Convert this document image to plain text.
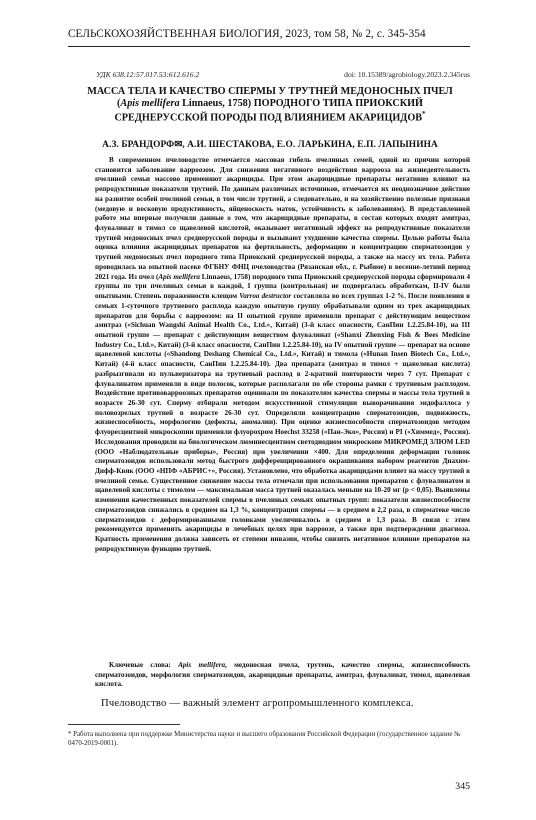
СЕЛЬСКОХОЗЯЙСТВЕННАЯ БИОЛОГИЯ, 2023, том 58, № 2, с. 345-354
УДК 638.12:57.017.53:612.616.2	doi: 10.15389/agrobiology.2023.2.345rus
МАССА ТЕЛА И КАЧЕСТВО СПЕРМЫ У ТРУТНЕЙ МЕДОНОСНЫХ ПЧЕЛ (Apis mellifera Linnaeus, 1758) ПОРОДНОГО ТИПА ПРИОКСКИЙ СРЕДНЕРУССКОЙ ПОРОДЫ ПОД ВЛИЯНИЕМ АКАРИЦИДОВ*
А.З. БРАНДОРФ✉, А.И. ШЕСТАКОВА, Е.О. ЛАРЬКИНА, Е.П. ЛАПЫНИНА
В современном пчеловодстве отмечается массовая гибель пчелиных семей, одной из причин которой становится заболевание варроозом. Для снижения негативного воздействия варрооза на жизнедеятельность пчелиной семьи массово применяют акарициды. При этом акарицидные препараты негативно влияют на репродуктивные показатели трутней. По данным различных источников, отмечается их неоднозначное действие на развитие особей пчелиной семьи, в том числе трутней, а следовательно, и на хозяйственно полезные признаки (медовую и восковую продуктивность, яйценоскость маток, устойчивость к заболеваниям). В представленной работе мы впервые получили данные о том, что акарицидные препараты, в состав которых входят амитраз, флувалинат и тимол со щавелевой кислотой, оказывают негативный эффект на репродуктивные показатели трутней медоносных пчел среднерусской породы и вызывают ухудшение качества спермы. Целью работы была оценка влияния акарицидных препаратов на фертильность, деформацию и концентрацию сперматозоидов у трутней медоносных пчел породного типа Приокский среднерусской породы, а также на массу их тела. Работа проводилась на опытной пасеке ФГБНУ ФНЦ пчеловодства (Рязанская обл., г. Рыбное) в весенне-летний период 2021 года. Из пчел (Apis mellifera Linnaeus, 1758) породного типа Приокский среднерусской породы сформировали 4 группы по три пчелиных семьи в каждой, I группа (контрольная) не подвергалась обработкам, II-IV были опытными. Степень пораженности клещом Varroa destructor составляла во всех группах 1-2 %. После появления в семьях 1-суточного трутневого расплода каждую опытную группу обрабатывали одним из трех акарицидных препаратов для борьбы с варроозом: на II опытной группе применяли препарат с действующим веществом амитраз («Sichuan Wangshi Animal Health Co., Ltd.», Китай) (3-й класс опасности, СанПин 1.2.25.84-10), на III опытной группе — препарат с действующим веществом флувалинат («Shanxi Zhenxing Fish & Bees Medicine Industry Co., Ltd.», Китай) (3-й класс опасности, СанПин 1.2.25.84-10), на IV опытной группе — препарат на основе щавелевой кислоты («Shandong Deshang Chemical Co., Ltd.», Китай) и тимола («Hunan Insen Biotech Co., Ltd.», Китай) (4-й класс опасности, СанПин 1.2.25.84-10). Два препарата (амитраз и тимол + щавелевая кислота) разбрызгивали из пульверизатора на трутневый расплод в 2-кратной повторности через 7 сут. Препарат с флувалинатом применяли в виде полосок, которые располагали по обе стороны рамки с трутневым расплодом. Воздействие противоварроозных препаратов оценивали по показателям качества спермы и массы тела трутней в возрасте 26-30 сут. Сперму отбирали методом искусственной стимуляции выворачивания эндофаллоса у половозрелых трутней в возрасте 26-30 сут. Определяли концентрацию сперматозоидов, подвижность, жизнеспособность, морфологию (дефекты, аномалии). При оценке жизнеспособности сперматозоидов методом флуоресцентной микроскопии применяли флуорохром Hoechst 33258 («Пан-Эко», Россия) и PI («Химмед», Россия). Исследования проводили на биологическом люминесцентном светодиодном микроскопе МИКРОМЕД 3ЛЮМ LED (ООО «Наблюдательные приборы», Россия) при увеличении ×400. Для определения деформации головок сперматозоидов использовали метод быстрого дифференцированного окрашивания набором реагентов Диахим-Дифф-Квик (ООО «НПФ «АБРИС+», Россия). Установлено, что обработка акарицидами влияет на массу трутней в пчелиной семье. Существенное снижение массы тела отмечали при использовании препаратов с флувалинатом и щавелевой кислоты с тимолом — максимальная масса трутней оказалась меньше на 10-20 мг (p < 0,05). Выявлены изменения качественных показателей спермы в пчелиных семьях опытных групп: показатели жизнеспособности сперматозоидов снижались в среднем на 1,3 %, концентрация спермы — в среднем в 2,2 раза, в сперматеке число сперматозоидов с деформированными головками увеличивалось в среднем в 1,3 раза. В связи с этим рекомендуется применять акарициды в лечебных целях при варроозе, а также при подтверждении диагноза. Кратность применения должна зависеть от степени инвазии, чтобы снизить негативное влияние препаратов на репродуктивную функцию трутней.
Ключевые слова: Apis mellifera, медоносная пчела, трутень, качество спермы, жизнеспособность сперматозоидов, морфология сперматозоидов, акарицидные препараты, амитраз, флувалинат, тимол, щавелевая кислота.
Пчеловодство — важный элемент агропромышленного комплекса.
* Работа выполнена при поддержке Министерства науки и высшего образования Российской Федерации (государственное задание № 0470-2019-0001).
345
